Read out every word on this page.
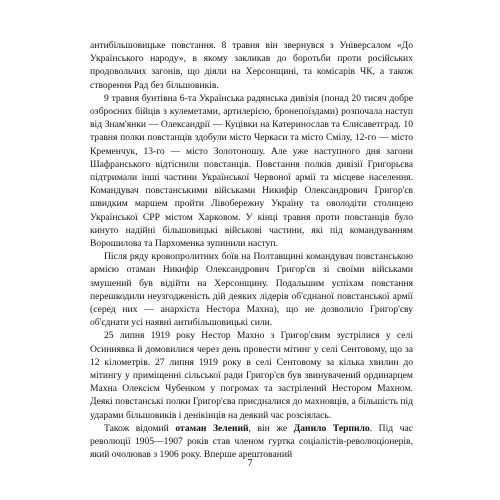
антибільшовицьке повстання. 8 травня він звернувся з Універсалом «До Українського народу», в якому закликав до боротьби проти російських продовольчих загонів, що діяли на Херсонщині, та комісарів ЧК, а також створення Рад без більшовиків.

9 травня бунтівна 6-та Українська радянська дивізія (понад 20 тисяч добре озброєних бійців з кулеметами, артилерією, бронепоїздами) розпочала наступ від Знам'янки — Олександрії — Куцівки на Катеринослав та Єлисаветград. 10 травня полки повстанців здобули місто Черкаси та місто Смілу, 12-го — місто Кременчук, 13-го — місто Золотоношу. Але уже наступного дня загони Шафранського відтіснили повстанців. Повстання полків дивізії Григорьєва підтримали інші частини Української Червоної армії та місцеве населення. Командувач повстанськими військами Никифір Олександрович Григор'єв швидким маршем пройти Лівобережну Україну та оволодіти столицею Української СРР містом Харковом. У кінці травня проти повстанців було кинуто надійні більшовицькі військові частини, які під командуванням Ворошилова та Пархоменка зупинили наступ.

Після ряду кровопролитних боїв на Полтавщині командувач повстанською армією отаман Никифір Олександрович Григор'єв зі своїми військами змушений був відійти на Херсонщину. Подальшим успіхам повстання перешкодили неузгодженість дій деяких лідерів об'єднаної повстанської армії (серед них — анархіста Нестора Махна), що не дозволило Григор'єву об'єднати усі наявні антибільшовицькі сили.

25 липня 1919 року Нестор Махно з Григор'євим зустрілися у селі Осиниявка й домовилися через день провести мітинг у селі Сентовому, що за 12 кілометрів. 27 липня 1919 року в селі Сентовому за кілька хвилин до мітингу у приміщенні сільської ради Григор'єв був звинувачений ординарцем Махна Олексієм Чубенком у погромах та застрілений Нестором Махном. Деякі повстанські полки Григор'єва приєдналися до махновців, а більшість під ударами більшовиків і денікінців на деякий час розсіялась.

Також відомий отаман Зелений, він же Данило Терпило. Під час революції 1905—1907 років став членом гуртка соціалістів-революціонерів, який очолював з 1906 року. Вперше арештований

7
